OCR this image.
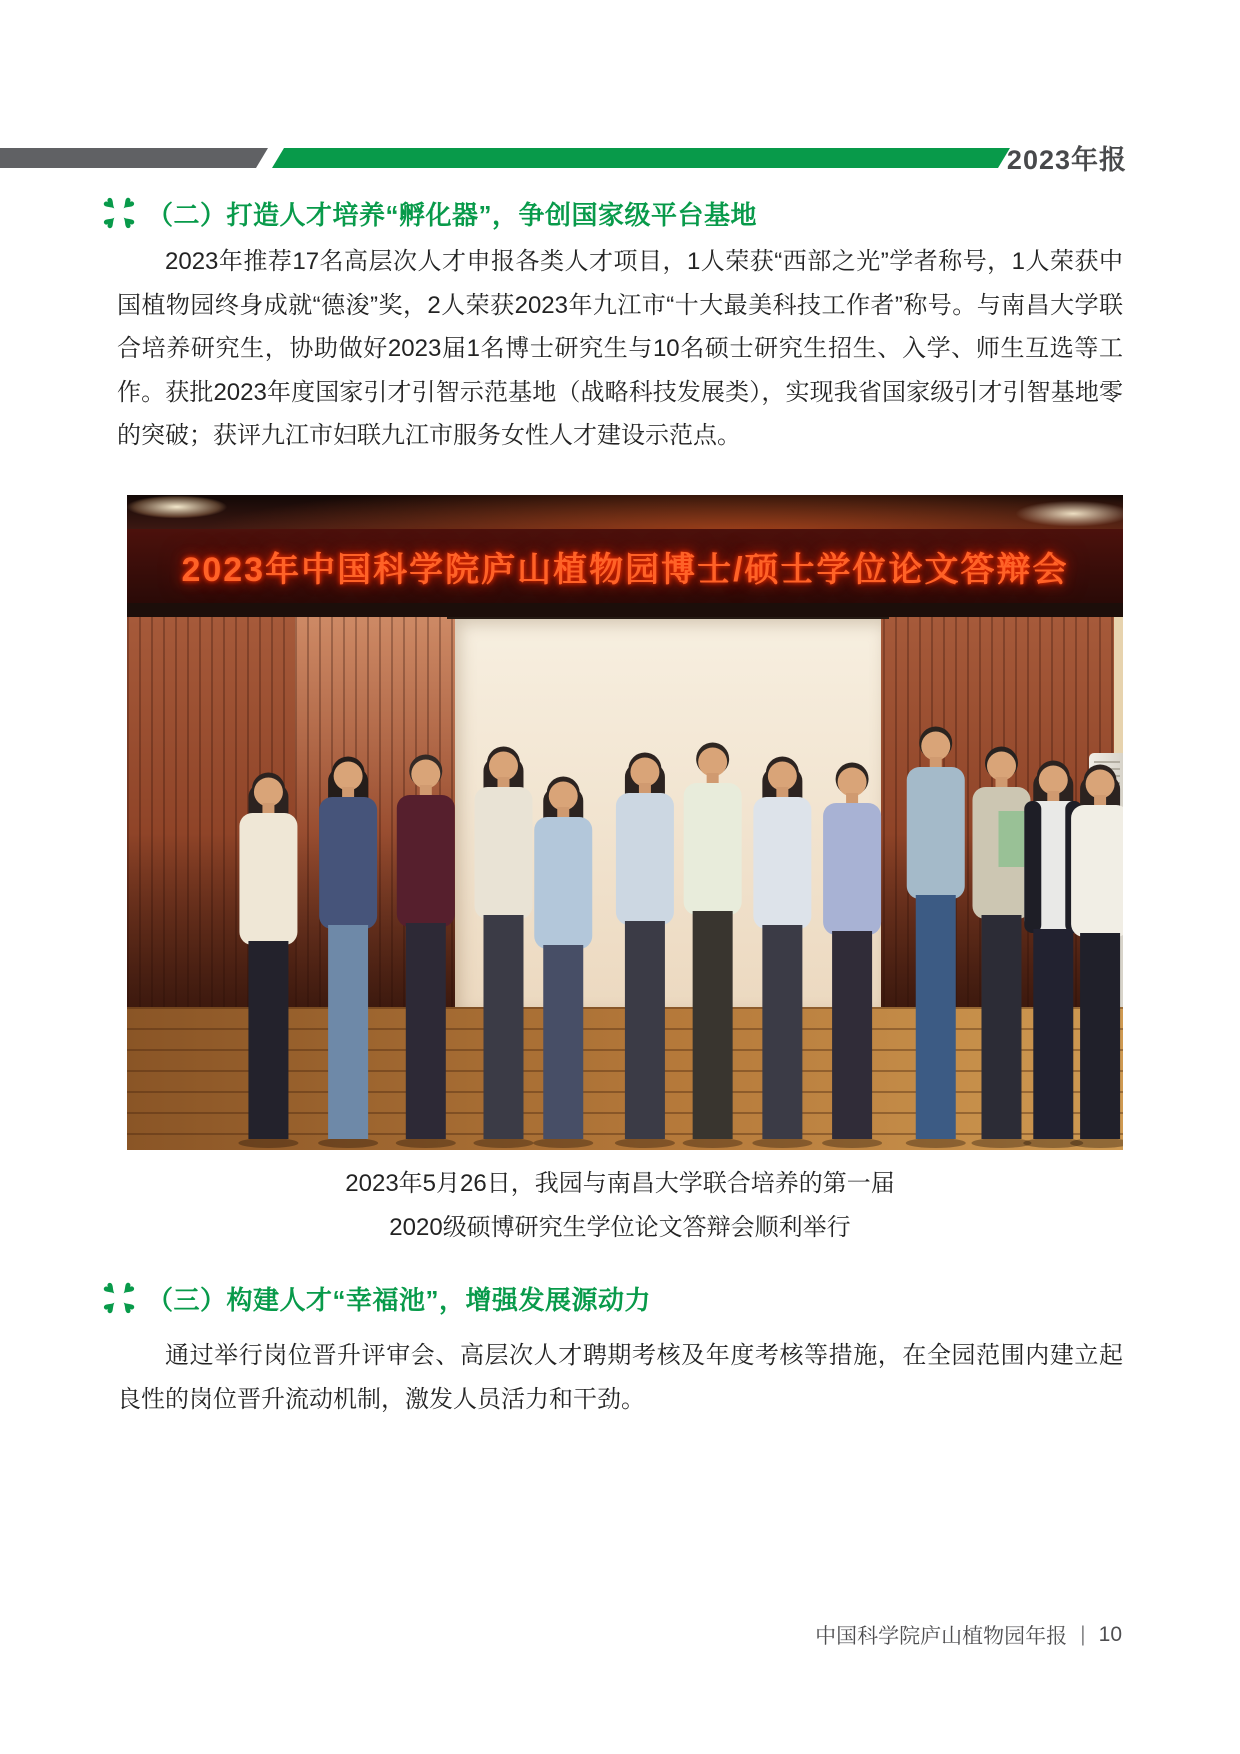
2023年报
♥
♥
♥
♥
（二）打造人才培养“孵化器”，争创国家级平台基地
2023年推荐17名高层次人才申报各类人才项目，1人荣获“西部之光”学者称号，1人荣获中国植物园终身成就“德浚”奖，2人荣获2023年九江市“十大最美科技工作者”称号。与南昌大学联合培养研究生，协助做好2023届1名博士研究生与10名硕士研究生招生、入学、师生互选等工作。获批2023年度国家引才引智示范基地（战略科技发展类），实现我省国家级引才引智基地零的突破；获评九江市妇联九江市服务女性人才建设示范点。
2023年中国科学院庐山植物园博士/硕士学位论文答辩会
2023年5月26日，我园与南昌大学联合培养的第一届
2020级硕博研究生学位论文答辩会顺利举行
♥
♥
♥
♥
（三）构建人才“幸福池”，增强发展源动力
通过举行岗位晋升评审会、高层次人才聘期考核及年度考核等措施，在全园范围内建立起良性的岗位晋升流动机制，激发人员活力和干劲。
中国科学院庐山植物园年报 | 10
